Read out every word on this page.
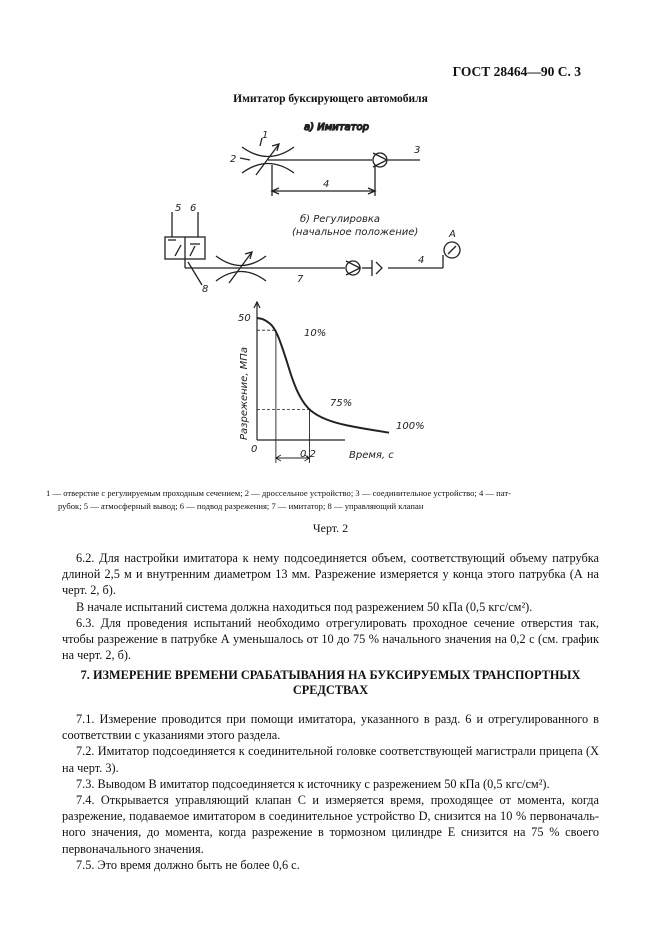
ГОСТ 28464—90 С. 3
Имитатор буксирующего автомобиля
а) Имитатор
1
2
3
4
б) Регулировка
(начальное положение)
5 6
8
7
4
A
50
0
10%
75%
100%
0,2	Время, с
Разрежение, МПа

1 — отверстие с регулируемым проходным сечением; 2 — дроссельное устройство; 3 — соединительное устройство; 4 — пат-

рубок; 5 — атмосферный вывод; 6 — подвод разрежения; 7 — имитатор; 8 — управляющий клапан

Черт. 2

6.2. Для настройки имитатора к нему подсоединяется объем, соответствующий объему патрубка длиной 2,5 м и внутренним диаметром 13 мм. Разрежение измеряется у конца этого патрубка (А на черт. 2, б).

В начале испытаний система должна находиться под разрежением 50 кПа (0,5 кгс/см²).

6.3. Для проведения испытаний необходимо отрегулировать проходное сечение отверстия так, чтобы разрежение в патрубке А уменьшалось от 10 до 75 % начального значения на 0,2 с (см. график на черт. 2, б).

7. ИЗМЕРЕНИЕ ВРЕМЕНИ СРАБАТЫВАНИЯ НА БУКСИРУЕМЫХ ТРАНСПОРТНЫХ СРЕДСТВАХ

7.1. Измерение проводится при помощи имитатора, указанного в разд. 6 и отрегулированного в соответствии с указаниями этого раздела.

7.2. Имитатор подсоединяется к соединительной головке соответствующей магистрали прицепа (X на черт. 3).

7.3. Выводом В имитатор подсоединяется к источнику с разрежением 50 кПа (0,5 кгс/см²).

7.4. Открывается управляющий клапан С и измеряется время, проходящее от момента, когда разрежение, подаваемое имитатором в соединительное устройство D, снизится на 10 % первоначального значения, до момента, когда разрежение в тормозном цилиндре Е снизится на 75 % своего первоначального значения.

7.5. Это время должно быть не более 0,6 с.
